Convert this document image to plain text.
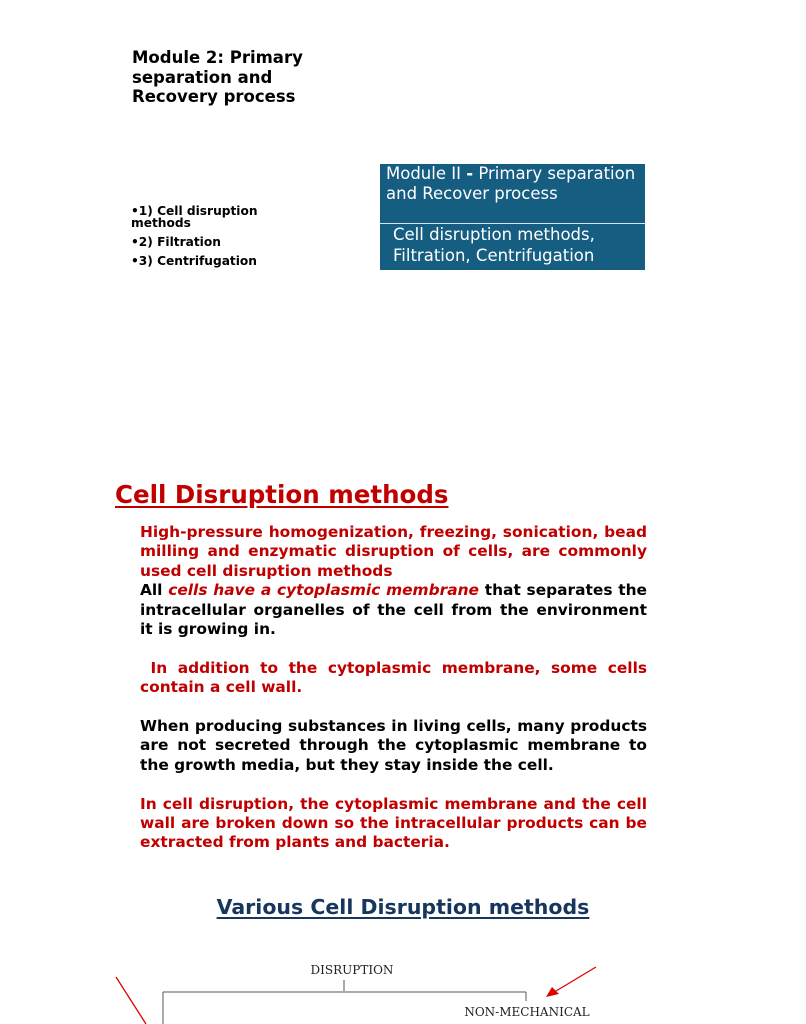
Module 2: Primary separation and Recovery process
• 1) Cell disruption methods
• 2) Filtration
• 3) Centrifugation
Module II - Primary separation and Recover process
Cell disruption methods, Filtration, Centrifugation
Cell Disruption methods

High-pressure homogenization, freezing, sonication, bead milling and enzymatic disruption of cells, are commonly used cell disruption methods

All cells have a cytoplasmic membrane that separates the intracellular organelles of the cell from the environment it is growing in.

In addition to the cytoplasmic membrane, some cells contain a cell wall.

When producing substances in living cells, many products are not secreted through the cytoplasmic membrane to the growth media, but they stay inside the cell.

In cell disruption, the cytoplasmic membrane and the cell wall are broken down so the intracellular products can be extracted from plants and bacteria.

Various Cell Disruption methods
DISRUPTION
NON-MECHANICAL
